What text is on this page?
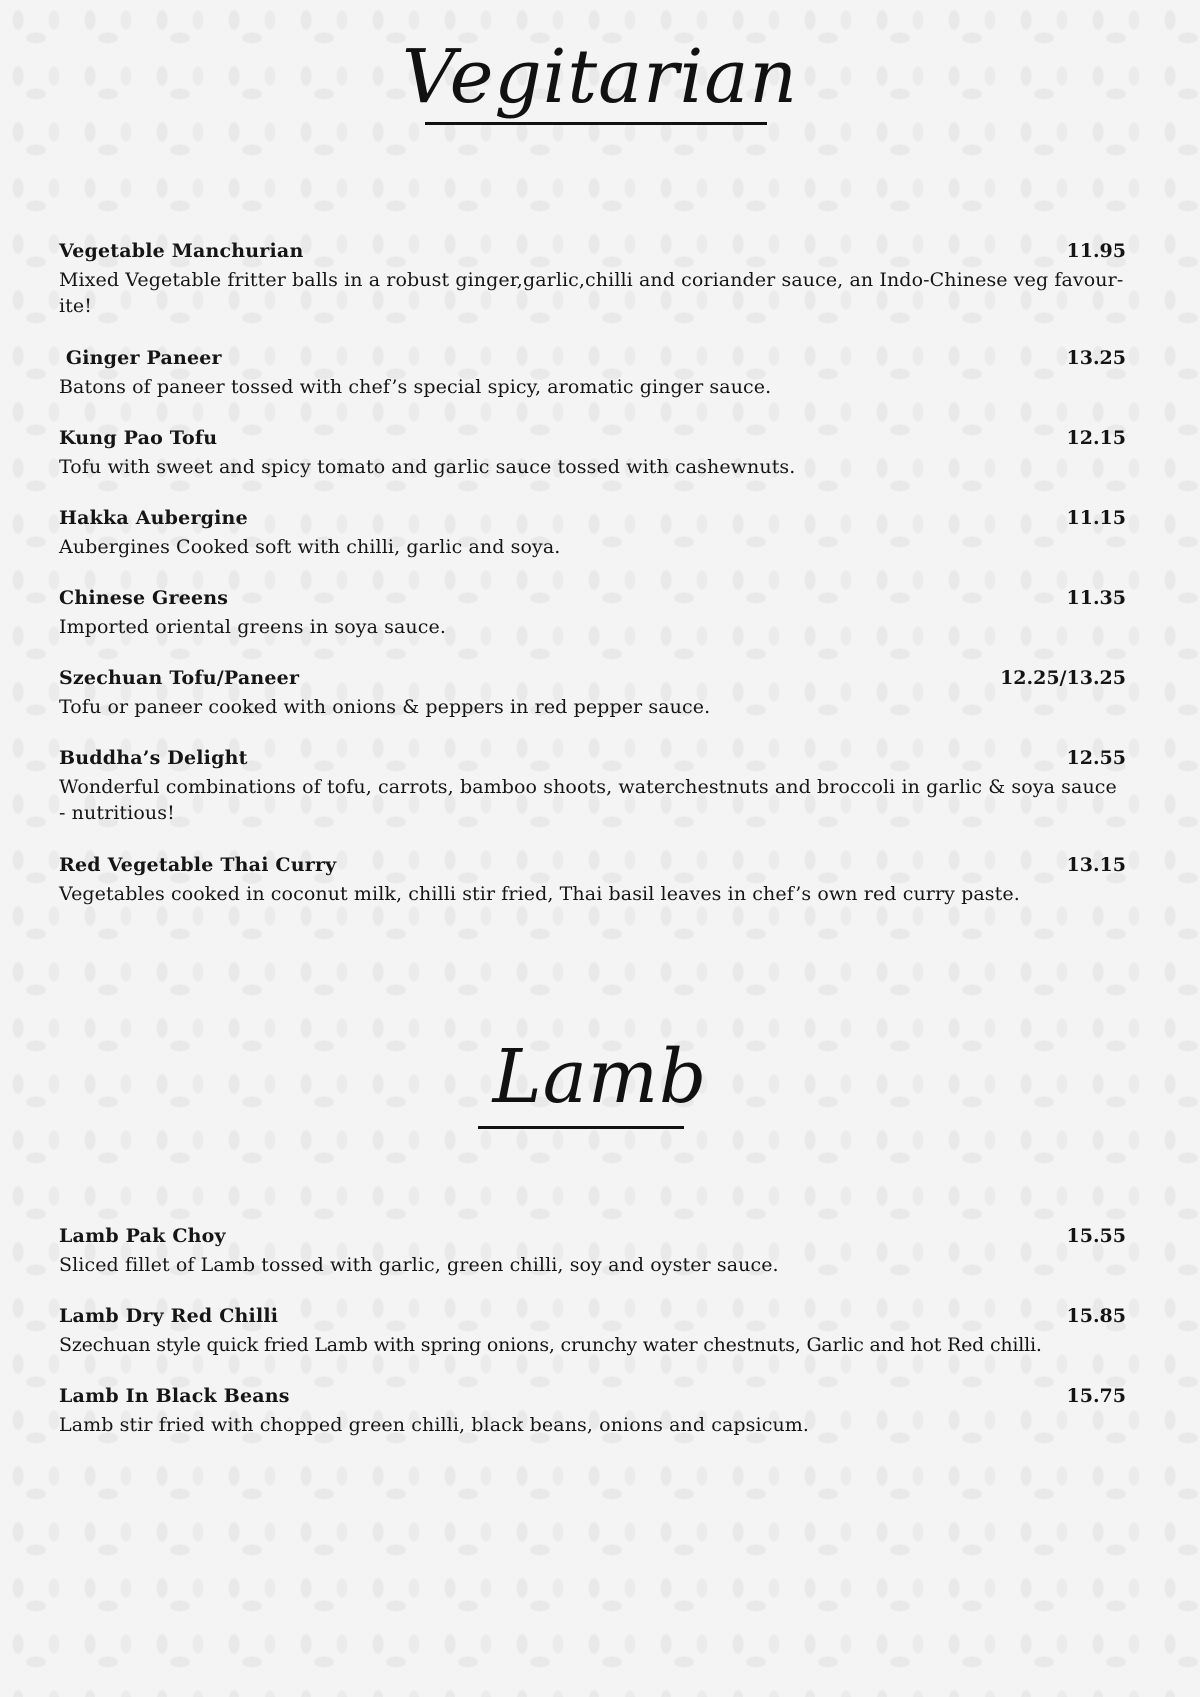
Vegitarian
Vegetable Manchurian	11.95
Mixed Vegetable fritter balls in a robust ginger,garlic,chilli and coriander sauce, an Indo-Chinese veg favour-ite!
Ginger Paneer	13.25
Batons of paneer tossed with chef’s special spicy, aromatic ginger sauce.
Kung Pao Tofu	12.15
Tofu with sweet and spicy tomato and garlic sauce tossed with cashewnuts.
Hakka Aubergine	11.15
Aubergines Cooked soft with chilli, garlic and soya.
Chinese Greens	11.35
Imported oriental greens in soya sauce.
Szechuan Tofu/Paneer	12.25/13.25
Tofu or paneer cooked with onions & peppers in red pepper sauce.
Buddha’s Delight	12.55
Wonderful combinations of tofu, carrots, bamboo shoots, waterchestnuts and broccoli in garlic & soya sauce - nutritious!
Red Vegetable Thai Curry	13.15
Vegetables cooked in coconut milk, chilli stir fried, Thai basil leaves in chef’s own red curry paste.
Lamb
Lamb Pak Choy	15.55
Sliced fillet of Lamb tossed with garlic, green chilli, soy and oyster sauce.
Lamb Dry Red Chilli	15.85
Szechuan style quick fried Lamb with spring onions, crunchy water chestnuts, Garlic and hot Red chilli.
Lamb In Black Beans	15.75
Lamb stir fried with chopped green chilli, black beans, onions and capsicum.
